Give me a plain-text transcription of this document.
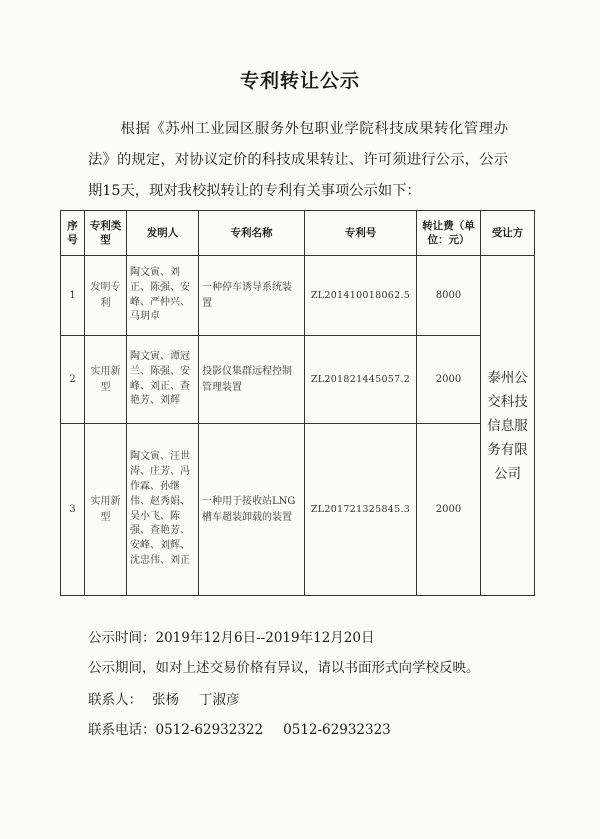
专利转让公示
根据《苏州工业园区服务外包职业学院科技成果转化管理办法》的规定，对协议定价的科技成果转让、许可须进行公示，公示期15天，现对我校拟转让的专利有关事项公示如下：
序号	专利类型	发明人	专利名称	专利号	转让费（单位：元）	受让方
1	发明专利	陶文寅、刘正、陈强、安峰、严仲兴、马玥卓	一种停车诱导系统装置	ZL201410018062.5	8000	泰州公交科技信息服务有限公司
2	实用新型	陶文寅、谭冠兰、陈强、安峰、刘正、查艳芳、刘辉	投影仪集群远程控制管理装置	ZL201821445057.2	2000	
3	实用新型	陶文寅、汪世涛、庄芳、冯作霖、孙继伟、赵秀娟、吴小飞、陈强、查艳芳、安峰、刘辉、沈忠伟、刘正	一种用于接收站LNG槽车超装卸载的装置	ZL201721325845.3	2000	
公示时间：2019年12月6日--2019年12月20日
公示期间，如对上述交易价格有异议，请以书面形式向学校反映。
联系人： 张杨 丁淑彦
联系电话：0512-62932322 0512-62932323
